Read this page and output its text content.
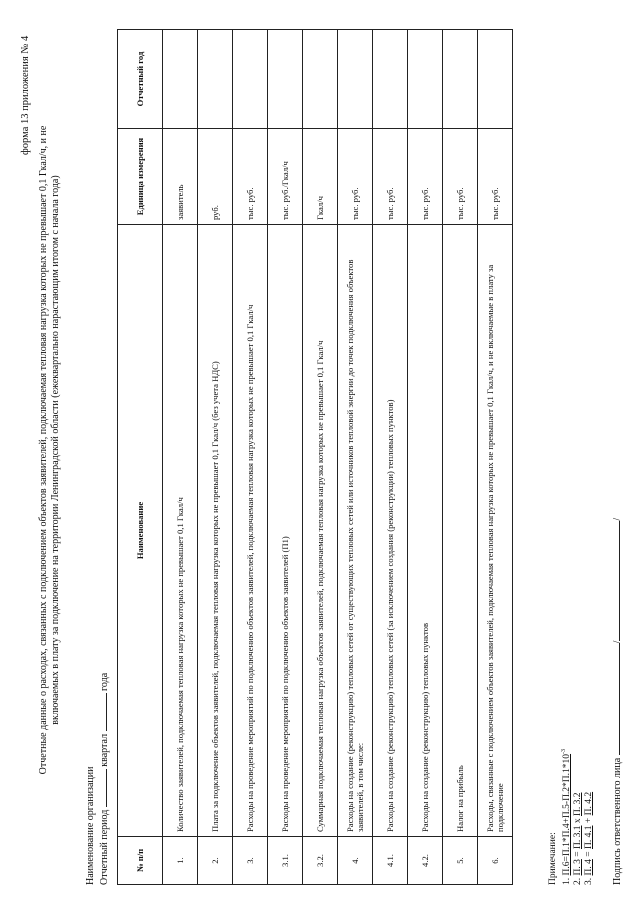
форма 13 приложения № 4
Отчетные данные о расходах, связанных с подключением объектов заявителей, подключаемая тепловая нагрузка которых не превышает 0,1 Гкал/ч, и не включаемых в плату за подключение на территории Ленинградской области (ежеквартально нарастающим итогом с начала года)
Наименование организации Отчетный период  квартал  года
№ п/п	Наименование	Единица измерения	Отчетный год
1.	Количество заявителей, подключаемая тепловая нагрузка которых не превышает 0,1 Гкал/ч	заявитель	
2.	Плата за подключение объектов заявителей, подключаемая тепловая нагрузка которых не превышает 0,1 Гкал/ч (без учета НДС)	руб.	
3.	Расходы на проведение мероприятий по подключению объектов заявителей, подключаемая тепловая нагрузка которых не превышает 0,1 Гкал/ч	тыс. руб.	
3.1.	Расходы на проведение мероприятий по подключению объектов заявителей (П1)	тыс. руб./Гкал/ч	
3.2.	Суммарная подключаемая тепловая нагрузка объектов заявителей, подключаемая тепловая нагрузка которых не превышает 0,1 Гкал/ч	Гкал/ч	
4.	Расходы на создание (реконструкцию) тепловых сетей от существующих тепловых сетей или источников тепловой энергии до точек подключения объектов заявителей, в том числе:	тыс. руб.	
4.1.	Расходы на создание (реконструкцию) тепловых сетей (за исключением создания (реконструкции) тепловых пунктов)	тыс. руб.	
4.2.	Расходы на создание (реконструкцию) тепловых пунктов	тыс. руб.	
5.	Налог на прибыль	тыс. руб.	
6.	Расходы, связанные с подключением объектов заявителей, подключаемая тепловая нагрузка которых не превышает 0,1 Гкал/ч, и не включаемые в плату за подключение	тыс. руб.	
Примечание: 1. $П.6=П.1*П.4+П.5-П.2*П.1*10^{-3}$
2. П. 3 = П. 3.1 x П. 3.2
3. П. 4 = П. 4.1 + П. 4.2 Подпись ответственного лица //
